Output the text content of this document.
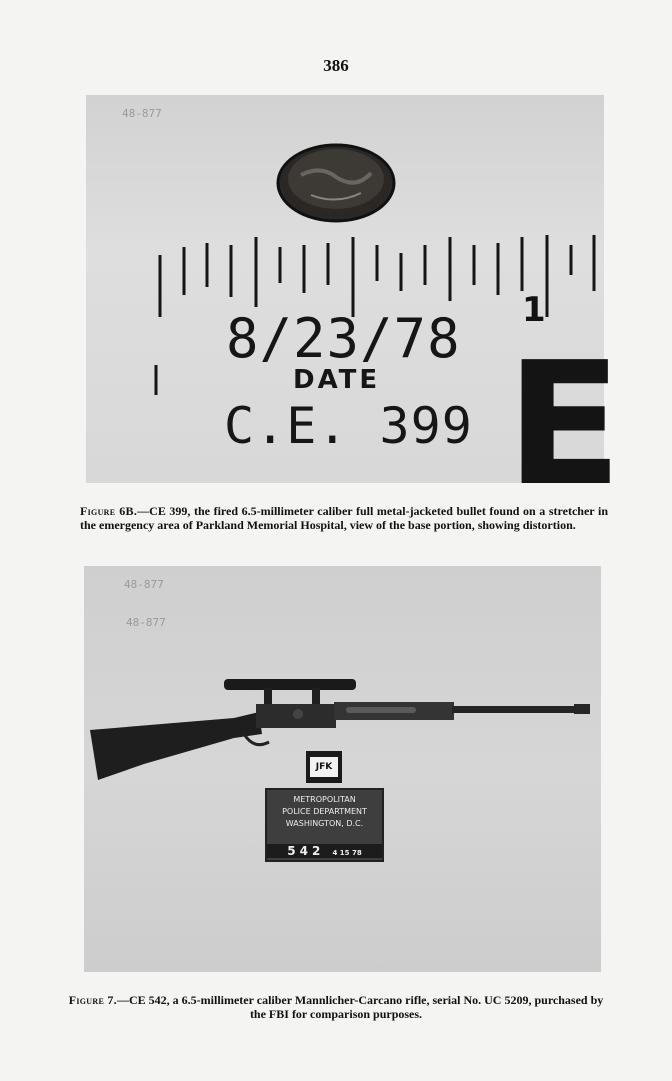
386
1
E
48-877
8/23/78
DATE
C.E. 399
Figure 6B.—CE 399, the fired 6.5-millimeter caliber full metal-jacketed bullet found on a stretcher in the emergency area of Parkland Memorial Hospital, view of the base portion, showing distortion.
48-877
48-877
JFK
METROPOLITAN
POLICE DEPARTMENT
WASHINGTON, D.C.
542 4 15 78
Figure 7.—CE 542, a 6.5-millimeter caliber Mannlicher-Carcano rifle, serial No. UC 5209, purchased by the FBI for comparison purposes.
